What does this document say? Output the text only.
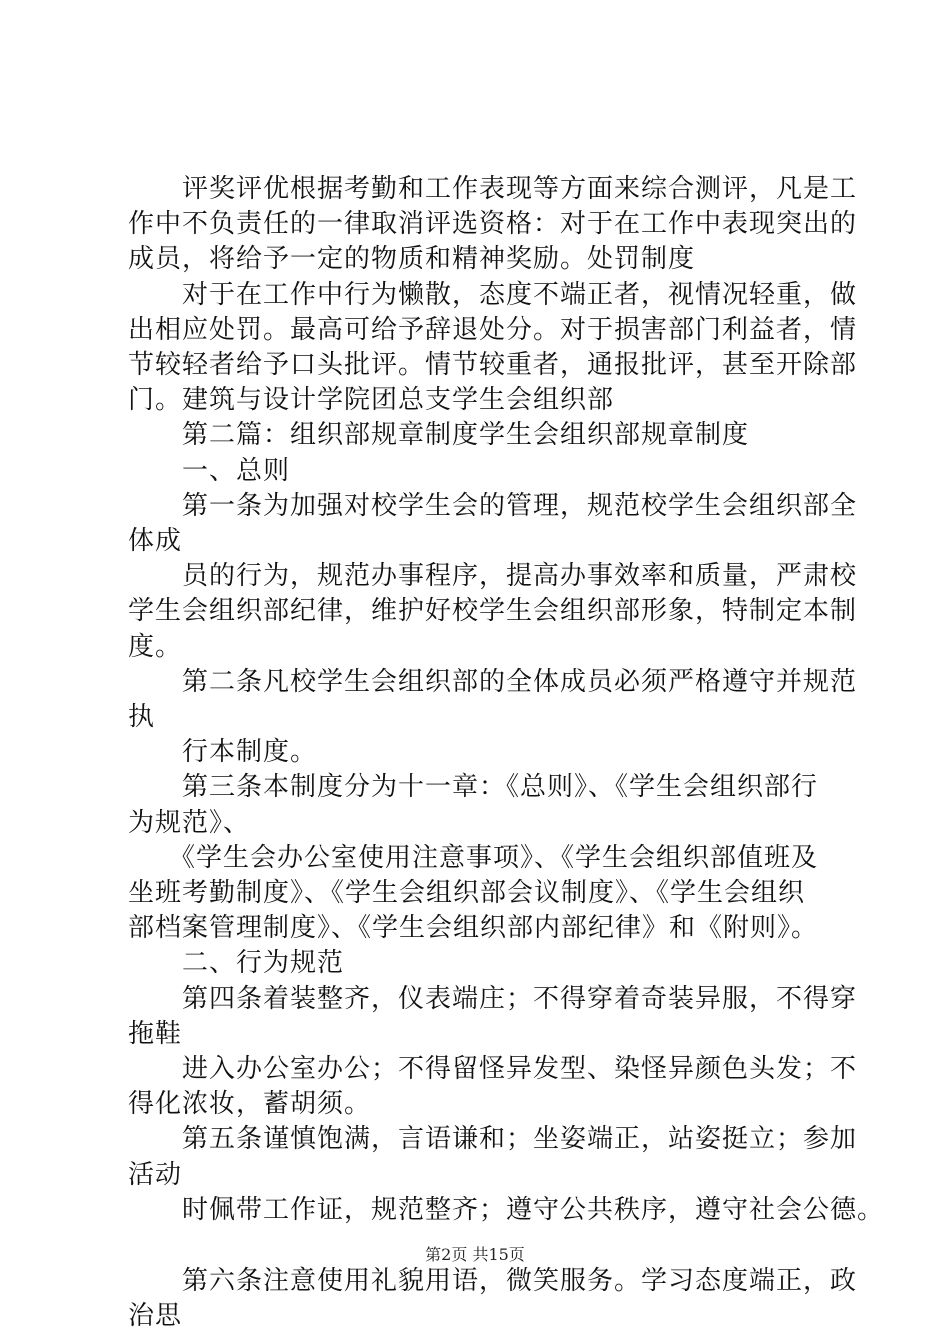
　　评奖评优根据考勤和工作表现等方面来综合测评，凡是工
作中不负责任的一律取消评选资格：对于在工作中表现突出的
成员，将给予一定的物质和精神奖励。处罚制度
　　对于在工作中行为懒散，态度不端正者，视情况轻重，做
出相应处罚。最高可给予辞退处分。对于损害部门利益者，情
节较轻者给予口头批评。情节较重者，通报批评，甚至开除部
门。建筑与设计学院团总支学生会组织部
　　第二篇：组织部规章制度学生会组织部规章制度
　　一、总则
　　第一条为加强对校学生会的管理，规范校学生会组织部全
体成
　　员的行为，规范办事程序，提高办事效率和质量，严肃校
学生会组织部纪律，维护好校学生会组织部形象，特制定本制
度。
　　第二条凡校学生会组织部的全体成员必须严格遵守并规范
执
　　行本制度。
　　第三条本制度分为十一章：《总则》、《学生会组织部行
为规范》、
　　《学生会办公室使用注意事项》、《学生会组织部值班及
坐班考勤制度》、《学生会组织部会议制度》、《学生会组织
部档案管理制度》、《学生会组织部内部纪律》和《附则》。
　　二、行为规范
　　第四条着装整齐，仪表端庄；不得穿着奇装异服，不得穿
拖鞋
　　进入办公室办公；不得留怪异发型、染怪异颜色头发；不
得化浓妆，蓄胡须。
　　第五条谨慎饱满，言语谦和；坐姿端正，站姿挺立；参加
活动
　　时佩带工作证，规范整齐；遵守公共秩序，遵守社会公德。
　　第六条注意使用礼貌用语，微笑服务。学习态度端正，政
治思
第2页 共15页
